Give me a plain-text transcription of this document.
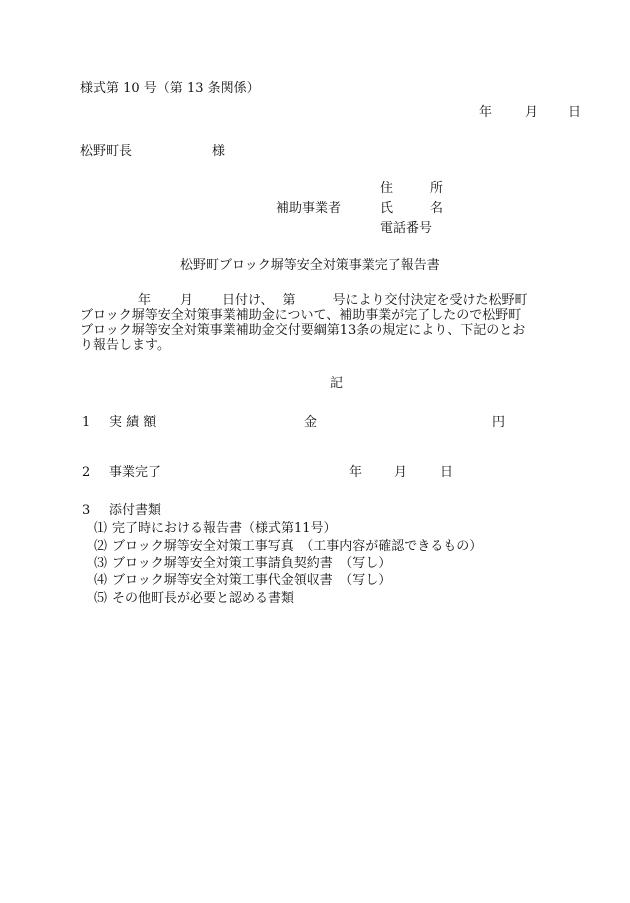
様式第 10 号（第 13 条関係）
年	月 日
松野町長	様
住	所
補助事業者	氏	名
電話番号
松野町ブロック塀等安全対策事業完了報告書

年 月 日付け、 第	号により交付決定を受けた松野町

ブロック塀等安全対策事業補助金について、補助事業が完了したので松野町

ブロック塀等安全対策事業補助金交付要綱第13条の規定により、下記のとお

り報告します。

記
1 実 績 額	金	円
2 事業完了	年 月	日
3 添付書類
⑴ 完了時における報告書（様式第11号）
⑵ ブロック塀等安全対策工事写真　（工事内容が確認できるもの）
⑶ ブロック塀等安全対策工事請負契約書　（写し）
⑷ ブロック塀等安全対策工事代金領収書　（写し）
⑸ その他町長が必要と認める書類
